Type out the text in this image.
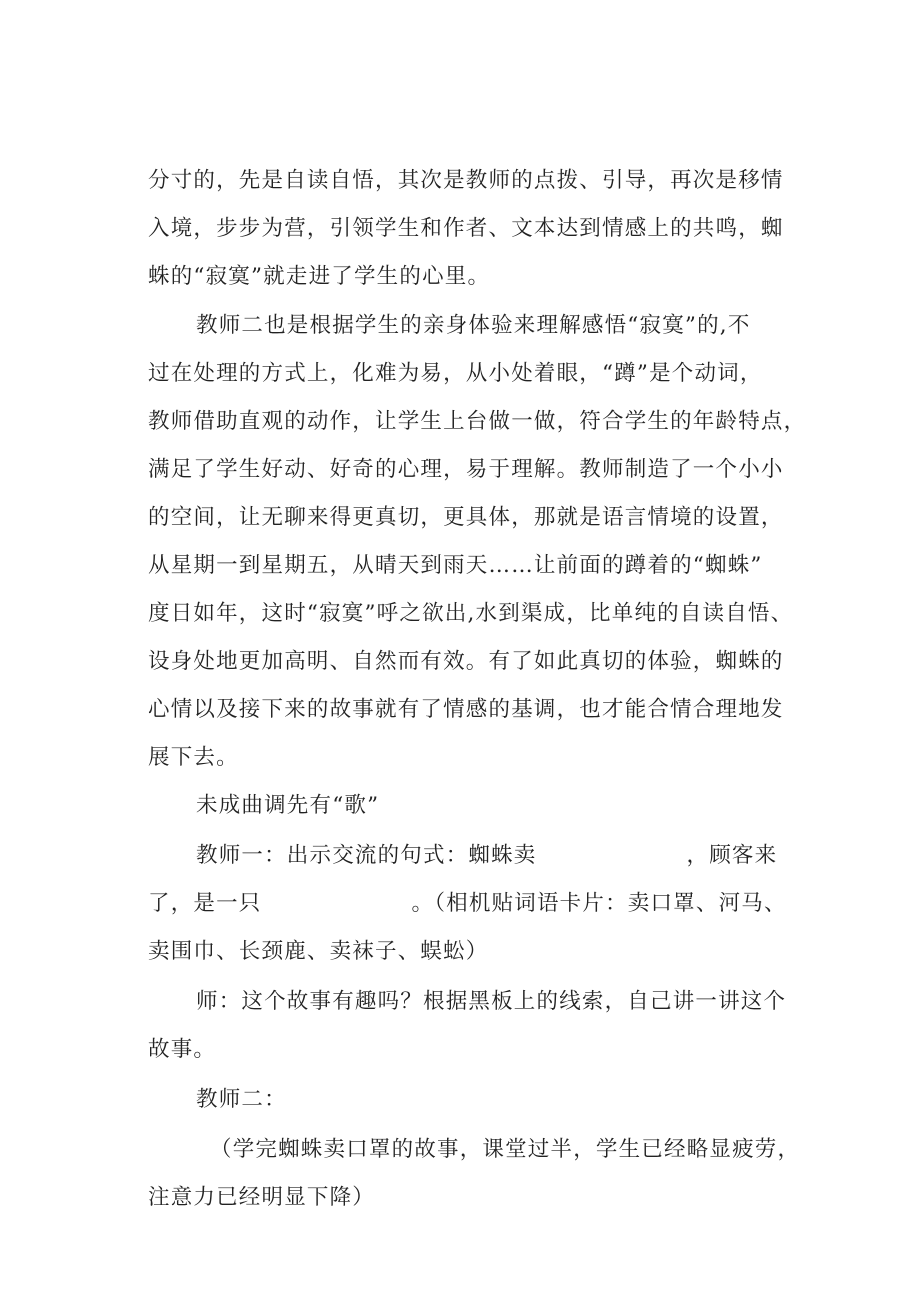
分寸的，先是自读自悟，其次是教师的点拨、引导，再次是移情
入境，步步为营，引领学生和作者、文本达到情感上的共鸣，蜘
蛛的“寂寞”就走进了学生的心里。
教师二也是根据学生的亲身体验来理解感悟“寂寞”的,不
过在处理的方式上，化难为易，从小处着眼，“蹲”是个动词，
教师借助直观的动作，让学生上台做一做，符合学生的年龄特点，
满足了学生好动、好奇的心理，易于理解。教师制造了一个小小
的空间，让无聊来得更真切，更具体，那就是语言情境的设置，
从星期一到星期五，从晴天到雨天……让前面的蹲着的“蜘蛛”
度日如年，这时“寂寞”呼之欲出,水到渠成，比单纯的自读自悟、
设身处地更加高明、自然而有效。有了如此真切的体验，蜘蛛的
心情以及接下来的故事就有了情感的基调，也才能合情合理地发
展下去。
未成曲调先有“歌”
教师一：出示交流的句式：蜘蛛卖	，顾客来
了，是一只	。（相机贴词语卡片：卖口罩、河马、
卖围巾、长颈鹿、卖袜子、蜈蚣）
师：这个故事有趣吗？根据黑板上的线索，自己讲一讲这个
故事。
教师二：
（学完蜘蛛卖口罩的故事，课堂过半，学生已经略显疲劳，
注意力已经明显下降）
